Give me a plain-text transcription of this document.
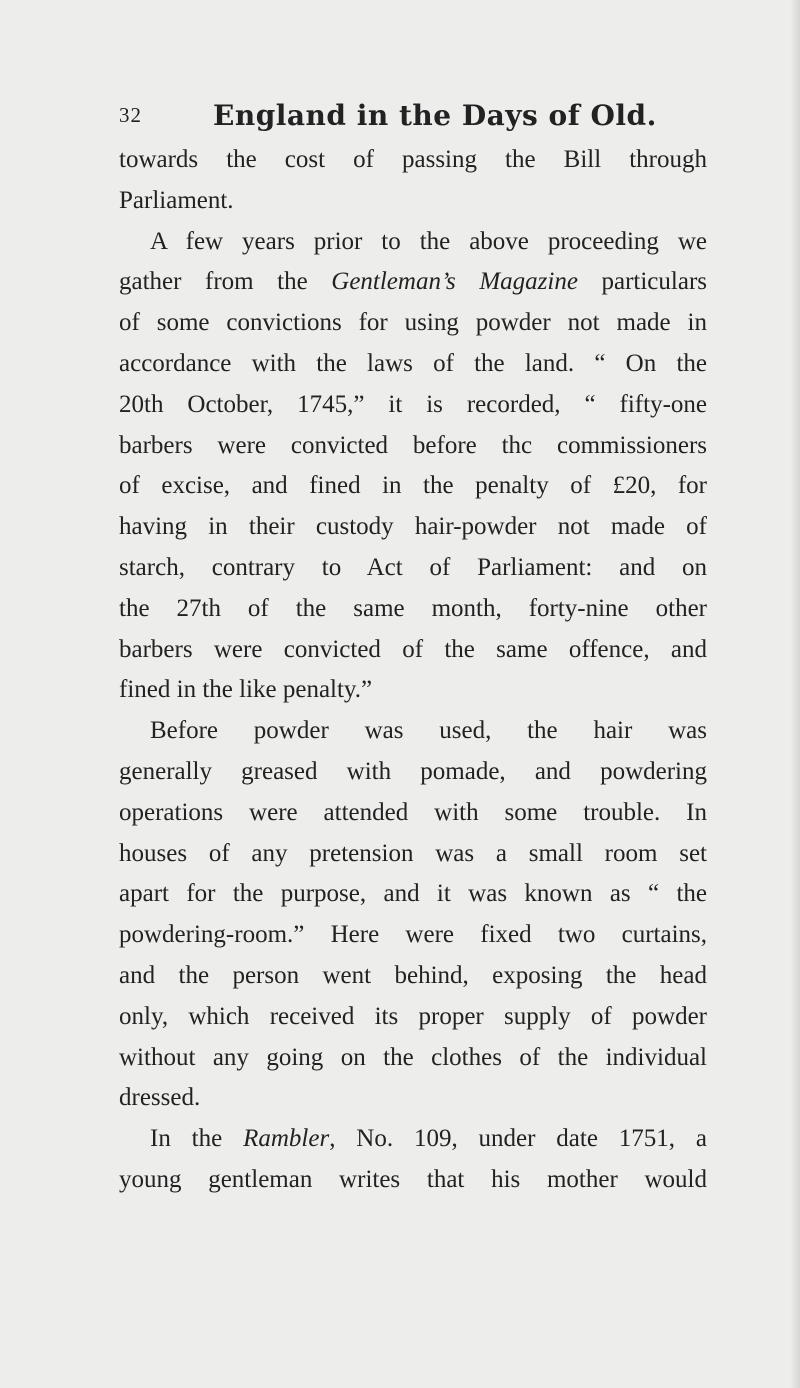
32	England in the Days of Old.
towards the cost of passing the Bill through
Parliament.
A few years prior to the above proceeding we
gather from the Gentleman’s Magazine particulars
of some convictions for using powder not made in
accordance with the laws of the land. “ On the
20th October, 1745,” it is recorded, “ fifty-one
barbers were convicted before thc commissioners
of excise, and fined in the penalty of £20, for
having in their custody hair-powder not made of
starch, contrary to Act of Parliament: and on
the 27th of the same month, forty-nine other
barbers were convicted of the same offence, and
fined in the like penalty.”
Before powder was used, the hair was
generally greased with pomade, and powdering
operations were attended with some trouble. In
houses of any pretension was a small room set
apart for the purpose, and it was known as “ the
powdering-room.” Here were fixed two curtains,
and the person went behind, exposing the head
only, which received its proper supply of powder
without any going on the clothes of the individual
dressed.
In the Rambler, No. 109, under date 1751, a
young gentleman writes that his mother would
